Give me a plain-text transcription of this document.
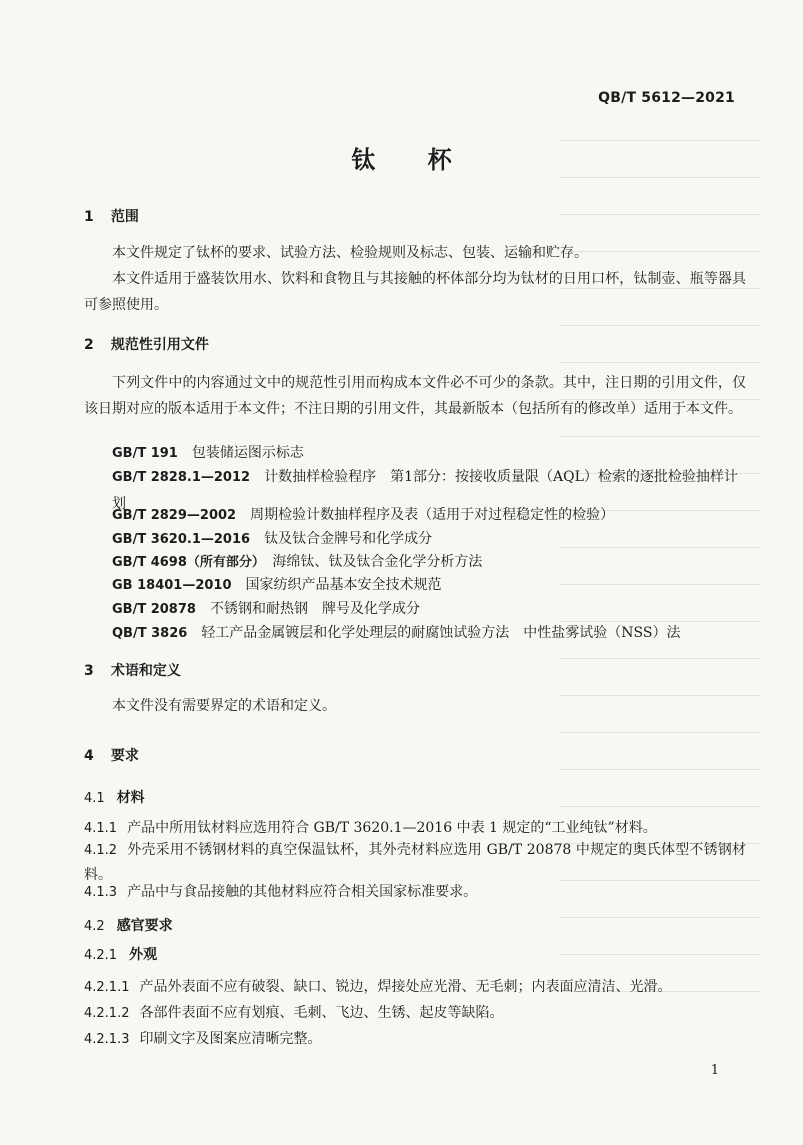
QB/T 5612—2021
钛 杯
1 范围
本文件规定了钛杯的要求、试验方法、检验规则及标志、包装、运输和贮存。
本文件适用于盛装饮用水、饮料和食物且与其接触的杯体部分均为钛材的日用口杯，钛制壶、瓶等器具可参照使用。
2 规范性引用文件
下列文件中的内容通过文中的规范性引用而构成本文件必不可少的条款。其中，注日期的引用文件，仅该日期对应的版本适用于本文件；不注日期的引用文件，其最新版本（包括所有的修改单）适用于本文件。
GB/T 191　 包装储运图示标志
GB/T 2828.1—2012　 计数抽样检验程序　第1部分：按接收质量限（AQL）检索的逐批检验抽样计划
GB/T 2829—2002　 周期检验计数抽样程序及表（适用于对过程稳定性的检验）
GB/T 3620.1—2016　 钛及钛合金牌号和化学成分
GB/T 4698（所有部分）　 海绵钛、钛及钛合金化学分析方法
GB 18401—2010　 国家纺织产品基本安全技术规范
GB/T 20878　 不锈钢和耐热钢　牌号及化学成分
QB/T 3826　 轻工产品金属镀层和化学处理层的耐腐蚀试验方法　中性盐雾试验（NSS）法
3 术语和定义
本文件没有需要界定的术语和定义。
4 要求
4.1 材料
4.1.1 产品中所用钛材料应选用符合 GB/T 3620.1—2016 中表 1 规定的“工业纯钛”材料。
4.1.2 外壳采用不锈钢材料的真空保温钛杯，其外壳材料应选用 GB/T 20878 中规定的奥氏体型不锈钢材料。
4.1.3 产品中与食品接触的其他材料应符合相关国家标准要求。
4.2 感官要求
4.2.1 外观
4.2.1.1 产品外表面不应有破裂、缺口、锐边，焊接处应光滑、无毛刺；内表面应清洁、光滑。
4.2.1.2 各部件表面不应有划痕、毛刺、飞边、生锈、起皮等缺陷。
4.2.1.3 印刷文字及图案应清晰完整。
1
